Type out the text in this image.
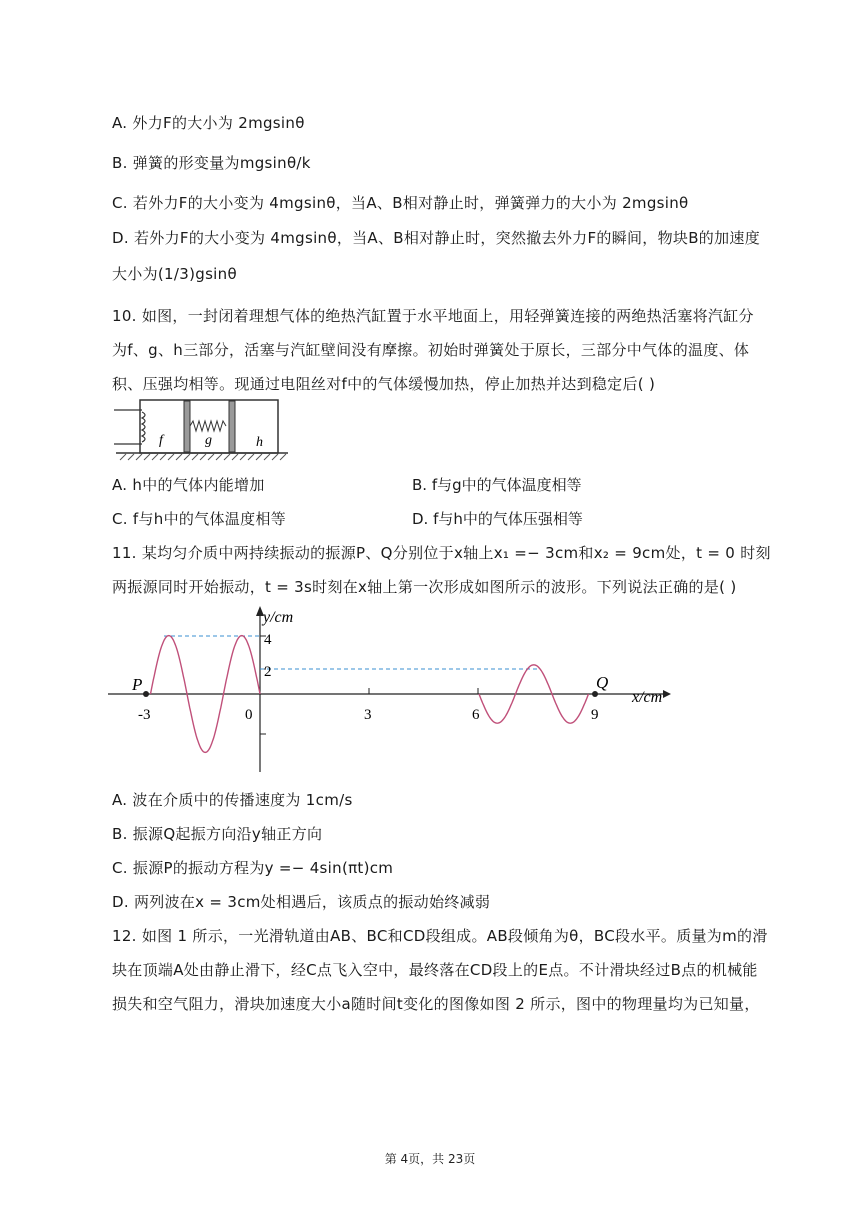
A. 外力F的大小为 2mgsinθ
B. 弹簧的形变量为mgsinθ/k
C. 若外力F的大小变为 4mgsinθ，当A、B相对静止时，弹簧弹力的大小为 2mgsinθ
D. 若外力F的大小变为 4mgsinθ，当A、B相对静止时，突然撤去外力F的瞬间，物块B的加速度
大小为(1/3)gsinθ
10. 如图，一封闭着理想气体的绝热汽缸置于水平地面上，用轻弹簧连接的两绝热活塞将汽缸分
为f、g、h三部分，活塞与汽缸壁间没有摩擦。初始时弹簧处于原长，三部分中气体的温度、体
积、压强均相等。现通过电阻丝对f中的气体缓慢加热，停止加热并达到稳定后( )
f	g	h
A. h中的气体内能增加	B. f与g中的气体温度相等
C. f与h中的气体温度相等	D. f与h中的气体压强相等
11. 某均匀介质中两持续振动的振源P、Q分别位于x轴上x₁ =− 3cm和x₂ = 9cm处，t = 0 时刻
两振源同时开始振动，t = 3s时刻在x轴上第一次形成如图所示的波形。下列说法正确的是( )
y/cm
x/cm
P	Q
-3	0	3	6	9
4
2
A. 波在介质中的传播速度为 1cm/s
B. 振源Q起振方向沿y轴正方向
C. 振源P的振动方程为y =− 4sin(πt)cm
D. 两列波在x = 3cm处相遇后，该质点的振动始终减弱
12. 如图 1 所示，一光滑轨道由AB、BC和CD段组成。AB段倾角为θ，BC段水平。质量为m的滑
块在顶端A处由静止滑下，经C点飞入空中，最终落在CD段上的E点。不计滑块经过B点的机械能
损失和空气阻力，滑块加速度大小a随时间t变化的图像如图 2 所示，图中的物理量均为已知量，
第 4页，共 23页
